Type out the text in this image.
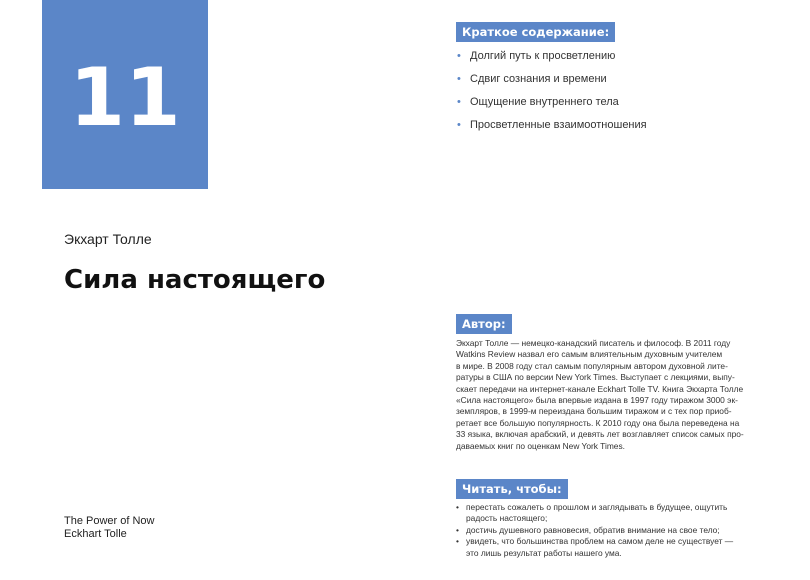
11
Экхарт Толле
Сила настоящего
The Power of Now
Eckhart Tolle
Краткое содержание:
• Долгий путь к просветлению
• Сдвиг сознания и времени
• Ощущение внутреннего тела
• Просветленные взаимоотношения
Автор:
Экхарт Толле — немецко-канадский писатель и философ. В 2011 году
Watkins Review назвал его самым влиятельным духовным учителем
в мире. В 2008 году стал самым популярным автором духовной лите-
ратуры в США по версии New York Times. Выступает с лекциями, выпу-
скает передачи на интернет-канале Eckhart Tolle TV. Книга Экхарта Толле
«Сила настоящего» была впервые издана в 1997 году тиражом 3000 эк-
земпляров, в 1999-м переиздана большим тиражом и с тех пор приоб-
ретает все большую популярность. К 2010 году она была переведена на
33 языка, включая арабский, и девять лет возглавляет список самых про-
даваемых книг по оценкам New York Times.
Читать, чтобы:
• перестать сожалеть о прошлом и заглядывать в будущее, ощутить
радость настоящего;
• достичь душевного равновесия, обратив внимание на свое тело;
• увидеть, что большинства проблем на самом деле не существует —
это лишь результат работы нашего ума.
